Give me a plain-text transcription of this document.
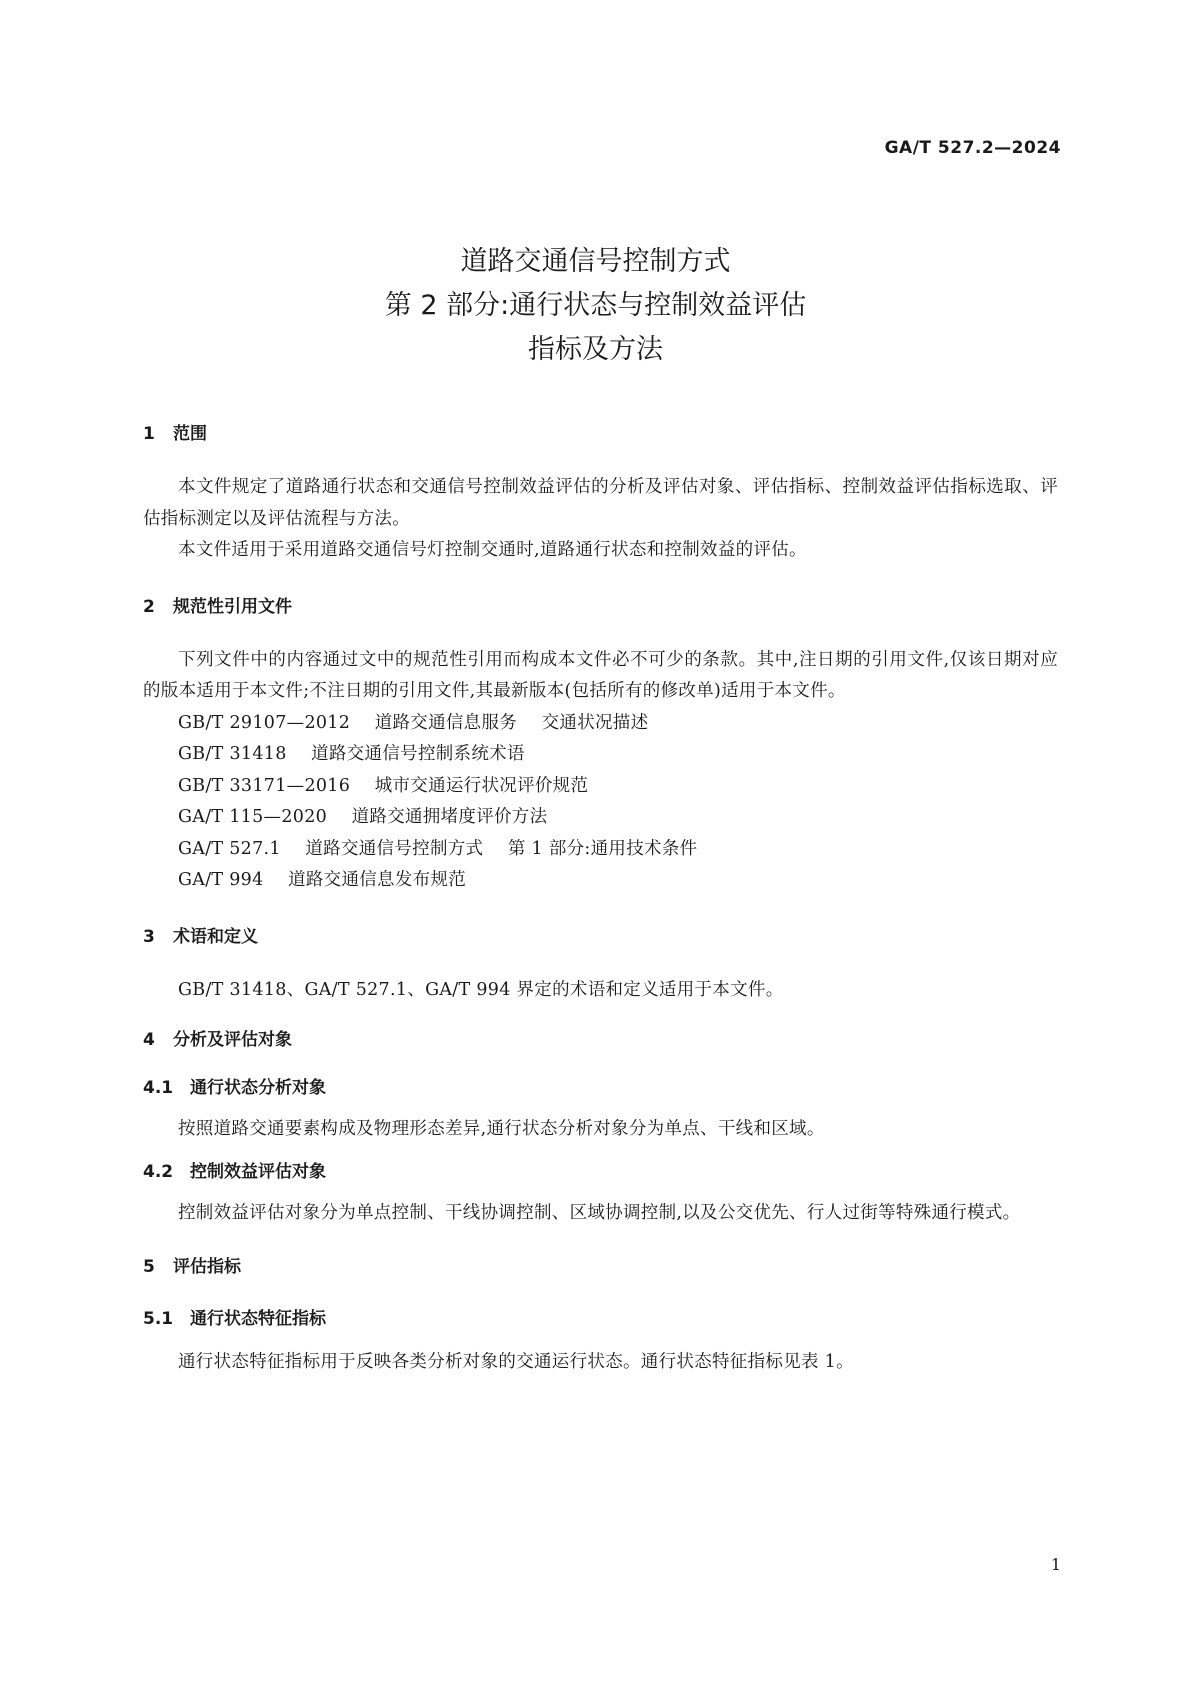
GA/T 527.2—2024
道路交通信号控制方式
第 2 部分:通行状态与控制效益评估
指标及方法
1	范围
本文件规定了道路通行状态和交通信号控制效益评估的分析及评估对象、评估指标、控制效益评估指标选取、评估指标测定以及评估流程与方法。
本文件适用于采用道路交通信号灯控制交通时,道路通行状态和控制效益的评估。
2	规范性引用文件
下列文件中的内容通过文中的规范性引用而构成本文件必不可少的条款。其中,注日期的引用文件,仅该日期对应的版本适用于本文件;不注日期的引用文件,其最新版本(包括所有的修改单)适用于本文件。
GB/T 29107—2012 道路交通信息服务 交通状况描述
GB/T 31418 道路交通信号控制系统术语
GB/T 33171—2016 城市交通运行状况评价规范
GA/T 115—2020 道路交通拥堵度评价方法
GA/T 527.1 道路交通信号控制方式 第 1 部分:通用技术条件
GA/T 994 道路交通信息发布规范
3	术语和定义
GB/T 31418、GA/T 527.1、GA/T 994 界定的术语和定义适用于本文件。
4	分析及评估对象
4.1 通行状态分析对象
按照道路交通要素构成及物理形态差异,通行状态分析对象分为单点、干线和区域。
4.2 控制效益评估对象
控制效益评估对象分为单点控制、干线协调控制、区域协调控制,以及公交优先、行人过街等特殊通行模式。
5	评估指标
5.1 通行状态特征指标
通行状态特征指标用于反映各类分析对象的交通运行状态。通行状态特征指标见表 1。
1
